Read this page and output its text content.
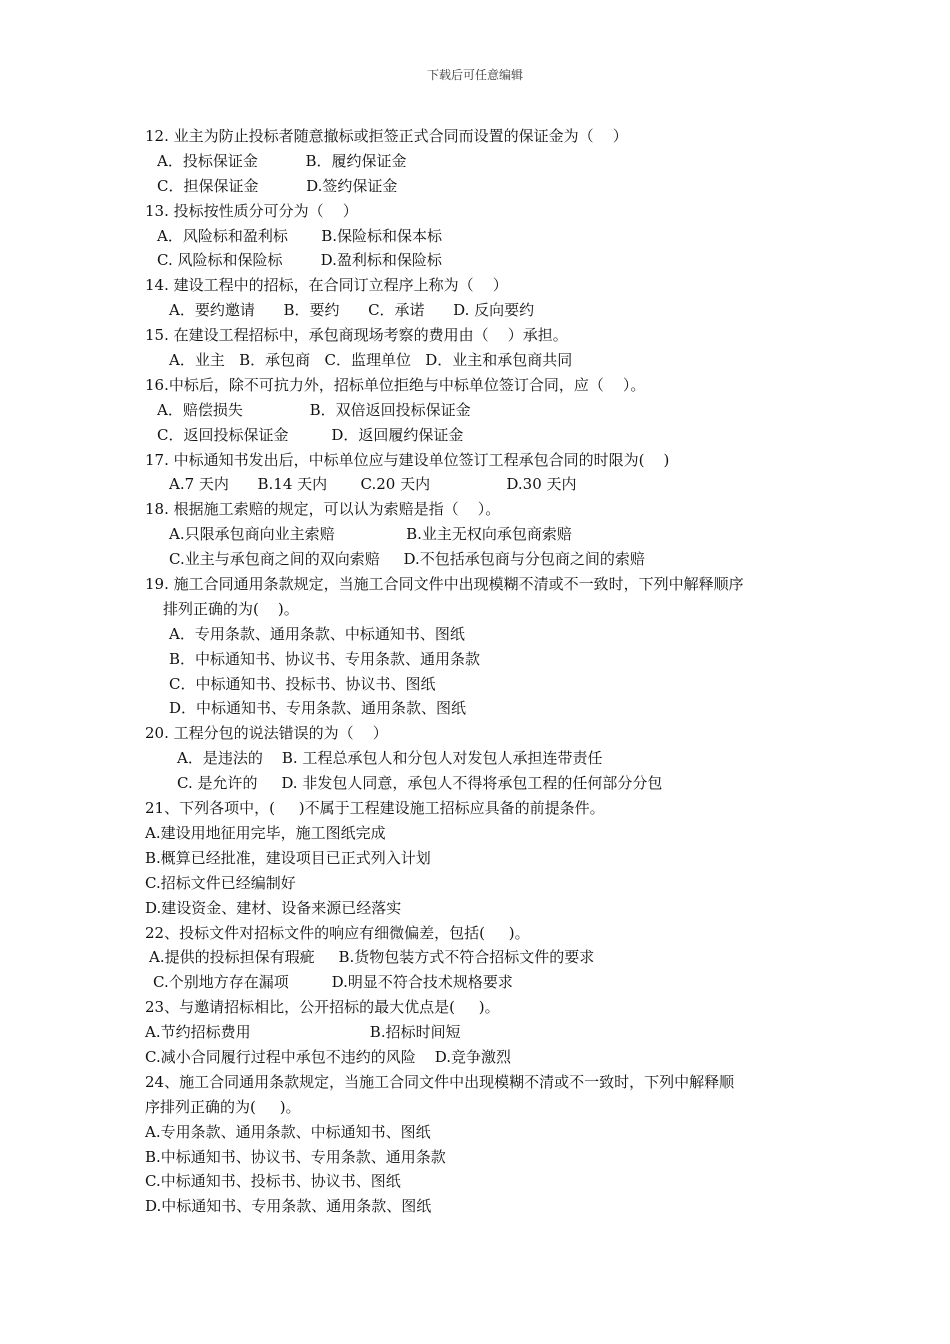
下载后可任意编辑
12. 业主为防止投标者随意撤标或拒签正式合同而设置的保证金为（    ）
A．投标保证金          B．履约保证金
C．担保保证金          D.签约保证金
13. 投标按性质分可分为（    ）
A．风险标和盈利标       B.保险标和保本标
C. 风险标和保险标        D.盈利标和保险标
14. 建设工程中的招标，在合同订立程序上称为（    ）
A．要约邀请      B．要约      C．承诺      D. 反向要约
15. 在建设工程招标中，承包商现场考察的费用由（    ）承担。
A．业主   B．承包商   C．监理单位   D．业主和承包商共同
16.中标后，除不可抗力外，招标单位拒绝与中标单位签订合同，应（    ）。
A．赔偿损失              B．双倍返回投标保证金
C．返回投标保证金         D．返回履约保证金
17. 中标通知书发出后，中标单位应与建设单位签订工程承包合同的时限为(    )
A.7 天内      B.14 天内       C.20 天内                D.30 天内
18. 根据施工索赔的规定，可以认为索赔是指（    ）。
A.只限承包商向业主索赔               B.业主无权向承包商索赔
C.业主与承包商之间的双向索赔     D.不包括承包商与分包商之间的索赔
19. 施工合同通用条款规定，当施工合同文件中出现模糊不清或不一致时，下列中解释顺序
排列正确的为(    )。
A．专用条款、通用条款、中标通知书、图纸
B．中标通知书、协议书、专用条款、通用条款
C．中标通知书、投标书、协议书、图纸
D．中标通知书、专用条款、通用条款、图纸
20. 工程分包的说法错误的为（    ）
A．是违法的    B. 工程总承包人和分包人对发包人承担连带责任
C. 是允许的     D. 非发包人同意，承包人不得将承包工程的任何部分分包
21、下列各项中，(     )不属于工程建设施工招标应具备的前提条件。
A.建设用地征用完毕，施工图纸完成
B.概算已经批准，建设项目已正式列入计划
C.招标文件已经编制好
D.建设资金、建材、设备来源已经落实
22、投标文件对招标文件的响应有细微偏差，包括(     )。
A.提供的投标担保有瑕疵     B.货物包装方式不符合招标文件的要求
C.个别地方存在漏项         D.明显不符合技术规格要求
23、与邀请招标相比，公开招标的最大优点是(     )。
A.节约招标费用                         B.招标时间短
C.减小合同履行过程中承包不违约的风险    D.竞争激烈
24、施工合同通用条款规定，当施工合同文件中出现模糊不清或不一致时，下列中解释顺
序排列正确的为(     )。
A.专用条款、通用条款、中标通知书、图纸
B.中标通知书、协议书、专用条款、通用条款
C.中标通知书、投标书、协议书、图纸
D.中标通知书、专用条款、通用条款、图纸
